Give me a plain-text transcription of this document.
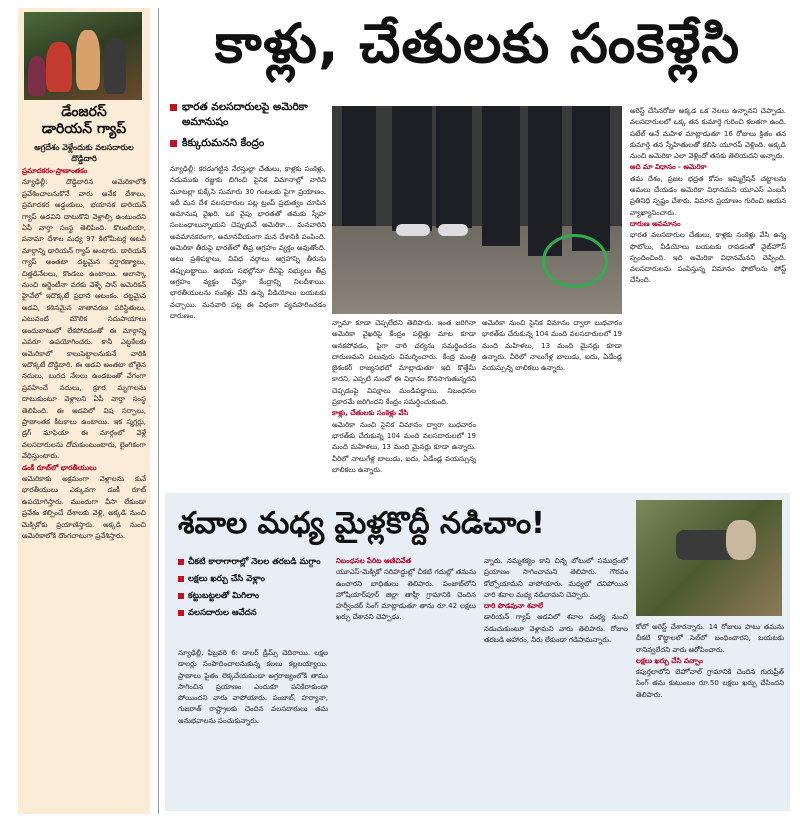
డేంజరస్
డారియన్ గ్యాప్
అగ్రదేశం వెళ్లేందుకు వలసదారుల దొడ్డిదారి
ప్రమాదకరం-ప్రాణాంతకం
న్యూఢిల్లీ: దొడ్డిదారిన అమెరికాలోకి ప్రవేశించాలనుకొనే వారు అనేక దేశాలు, ప్రమాదకర అడ్డంకులు, భయానక డారియన్ గ్యాప్ అడవిని దాటుకొని వెళ్లాల్సి ఉంటుందని ఏపీ వార్తా సంస్థ తెలిపింది. కొలంబియా, పనామా దేశాల మధ్య 97 కిలోమీటర్ల అటవీ మార్గాన్ని డారియన్ గ్యాప్ అంటారు. డారియన్ గ్యాప్ అంతటా దట్టమైన వర్షారణ్యాలు, చిత్తడినేలలు, కొండలు ఉంటాయి. అలాస్కా నుంచి అర్జెంటీనా వరకు వెళ్ళే పాన్ అమెరికన్ హైవేలో ఇదొక్కటే ప్రధాన ఆటంకం. దట్టమైన అడవి, కఠినమైన వాతావరణ పరిస్థితులు, ఎటువంటి మౌలిక సదుపాయాలు అందుబాటులో లేకపోవడంతో ఈ మార్గాన్ని ఎవరూ ఉపయోగించరు. కానీ ఎట్టకేలకు అమెరికాలో కాలుపెట్టాలనుకునే వారికి ఇదొక్కటే దొడ్డిదారి. ఈ అడవి అంతటా లోతైన నదులు, బురద నేలలు ఉండటంతో వేగంగా ప్రవహించే నదులు, క్రూర మృగాలను దాటుకుంటూ వెళ్లాలని ఏపీ వార్తా సంస్థ తెలిపింది. ఈ అడవిలో విష సర్పాలు, ప్రాణాంతక కీటకాలు ఉంటాయి. ఇక స్మగ్లర్లు, డ్రగ్ మాఫియా ఈ మార్గంలో వెళ్లే వలసదారులను దోచుకుంటుంటారు, లైంగికంగా వేధిస్తుంటారు.
డంకీ రూట్‌లో భారతీయులు
అమెరికాకు అక్రమంగా వెళ్లాలను కునే భారతీయులు ఎక్కువగా డంకీ రూట్ ఉపయోగిస్తారు. ముందుగా వీసా లేకుండా ప్రవేశం కల్పించే దేశాలకు వెళ్లి, అక్కడి నుంచి మెక్సికోకు ప్రయాణిస్తారు. అక్కడి నుంచి అమెరికాలోకి దొంగచాటుగా ప్రవేశిస్తారు.
కాళ్లు, చేతులకు సంకెళ్లేసి
భారత వలసదారులపై అమెరికా అమానుషం
కిక్కురుమనని కేంద్రం
న్యూఢిల్లీ: కరడుగట్టిన నేరస్తుల్లా చేతులు, కాళ్లకు సంకెళ్లు, నడుముకు రజ్జుకు బిగించి పైనిక విమానాల్లో వారిని మూటల్లా కుక్కేసి సుమారు 30 గంటలకు పైగా ప్రయాణం. ఇదీ మన దేశ వలసదారుల పట్ల ట్రంప్ ప్రభుత్వం చూపిన అమానుష వైఖరి. ఒక వైపు భారతతో తమకు స్నేహ సంబంధాలున్నాయని చెప్పుకునే అమెరికా... మనవారిని అవమానకరంగా, అమానవీయంగా మన దేశానికి పంపింది. అమెరికా తీరుపై భారత్‌లో తీవ్ర ఆగ్రహం వ్యక్తం అవుతోంది. అటు ప్రతిపక్షాలు, వివిధ వర్గాలు ఆగ్రహాన్ని తీరును తప్పుబట్టాయి. ఉభయ సభల్లోనూ దీనిపై సభ్యులు తీవ్ర ఆగ్రహం వ్యక్తం చేస్తూ కేంద్రాన్ని నిలదీశాయి. భారతీయులను సంకెళ్లు వేసి ఉన్న వీడియోలు బయటకు వచ్చాయి. మనవారి పట్ల ఈ విధంగా వ్యవహరించడం దారుణం.
న్నామా కూడా చెప్పలేదని తెలిపారు. ఇంత జరిగినా అమెరికా వైఖరిపై కేంద్రం పల్లెత్తు మాట కూడా అనకపోవడం, పైగా వారి చర్యను సమర్థించడం దారుణమని పలువురు విమర్శించారు. కేంద్ర మంత్రి జైశంకర్ రాజ్యసభలో మాట్లాడుతూ ఇది కొత్తేమీ కాదని, ఎప్పటి నుంచో ఈ విధానం కొనసాగుతున్నదని చెప్పడంపై విపక్షాలు మండిపడ్డాయి. నిబంధనల ప్రకారమే జరిగిందని కేంద్రం సమర్థించుకుంది.
కాళ్లు, చేతులకు సంకెళ్లు వేసి
అమెరికా నుంచి సైనిక విమానం ద్వారా బుధవారం భారత్‌కు చేరుకున్న 104 మంది వలసదారులలో 19 మంది మహిళలు, 13 మంది మైనర్లు కూడా ఉన్నారు. వీరిలో నాలుగేళ్ల బాలుడు, ఐదు, ఏడేండ్ల వయస్సున్న బాలికలు ఉన్నారు.
అమెరికా నుంచి సైనిక విమానం ద్వారా బుధవారం భారత్‌కు చేరుకున్న 104 మంది వలసదారులలో 19 మంది మహిళలు, 13 మంది మైనర్లు కూడా ఉన్నారు. వీరిలో నాలుగేళ్ల బాలుడు, ఐదు, ఏడేండ్ల వయస్సున్న బాలికలు ఉన్నారు.
అరెస్ట్ చేసినరోజు అక్కడ ఒక నెలలు ఉన్నానని చెప్పాడు. వలసదారులలో ఒక్క తన కుమార్తె గురించి కలతగా ఉంది. పటేల్ అనే మహిళ మాట్లాడుతూ 16 రోజులు క్రితం తన కుమార్తె తన స్నేహితులతో కలిసి యూరప్ వెళ్లింది. అక్కడి నుంచి అమెరికా ఎలా వెళ్లిందో తనకు తెలియదని అన్నారు.
అది మా విధానం - అమెరికా
తమ దేశం, ప్రజల భద్రత కోసం ఇమ్మిగ్రేషన్ చట్టాలను అమలు చేయడం అమెరికా విధానమని యూఎస్ ఎంబసీ ప్రతినిధి స్పష్టం చేశారు. విమాన ప్రయాణం గురించి ఆయన వ్యాఖ్యానించారు.
దారుణ అవమానం
భారత వలసదారుల చేతులు, కాళ్లకు సంకెళ్లు వేసి ఉన్న ఫొటోలు, వీడియోలు బయటకు రావడంతో వైట్‌హౌస్ స్పందించింది. ఇది అమెరికా విధానమేనని చెప్పింది. వలసదారులను పంపిస్తున్న విమానం ఫొటోలను పోస్ట్ చేసింది.
శవాల మధ్య మైళ్లకొద్దీ నడిచాం!
చీకటి కారాగారాల్లో నెలల తరబడి మగ్గాం
లక్షలు ఖర్చు చేసి వెళ్లాం
కట్టుబట్టలతో మిగిలాం
వలసదారుల ఆవేదన
న్యూఢిల్లీ, ఫిబ్రవరి 6: డాలర్ డ్రీమ్స్ చెదిరాయి. లక్షల డాలర్లు సంపాదించాలనుకున్న కలలు కల్లలయ్యాయి. ప్రాణాలు పైతం లెక్కచేయకుండా అగ్రరాజ్యంలోకి తాము సాగించిన ప్రయాణం ఎందుకూ పనికిరాకుండా పోయిందని వారు వాపోయారు. పంజాబ్, హర్యానా, గుజరాత్ రాష్ట్రాలకు చెందిన వలసదారులు తమ అనుభవాలను పంచుకున్నారు.
నిబంధనల పేరిట అణిచివేత
యూఎస్-మెక్సికో సరిహద్దుల్లో చీకటి గదుల్లో తమను ఉంచారని బాధితులు తెలిపారు. పంజాబ్‌లోని హోషియార్‌పూర్ జిల్లా తాహ్లీ గ్రామానికి చెందిన హర్వీందర్ సింగ్ మాట్లాడుతూ తాను రూ.42 లక్షలు ఖర్చు చేశానని చెప్పాడు.
న్నారు. నమ్మశక్యం కాని చిన్న బోటులో సముద్రంలో ప్రయాణం సాగించామని తెలిపారు. గౌరవం కోల్పోయామని వాపోయారు. మధ్యలో చనిపోయిన వారి శవాల మధ్య నడిచామని చెప్పారు.
దారి పొడవునా శవాలే
డారియన్ గ్యాప్ అడవిలో శవాల మధ్య నుంచి నడుచుకుంటూ వెళ్లామని వారు తెలిపారు. రోజుల తరబడి ఆహారం, నీరు లేకుండా గడిపామన్నారు.
కోలో అరెస్ట్ చేశారన్నారు. 14 రోజులు పాటు తమను చీకటి కొట్టాలలో సెల్‌లో బంధించారని, బయటకు రానివ్వలేదని వారు ఆరోపించారు.
లక్షలు ఖర్చు చేసి వచ్చాం
కపుర్తలాలోని బెహోవాల్ గ్రామానికి చెందిన గురుప్రీత్ సింగ్ తమ కుటుంబం రూ.50 లక్షలు ఖర్చు చేసిందని తెలిపారు.
